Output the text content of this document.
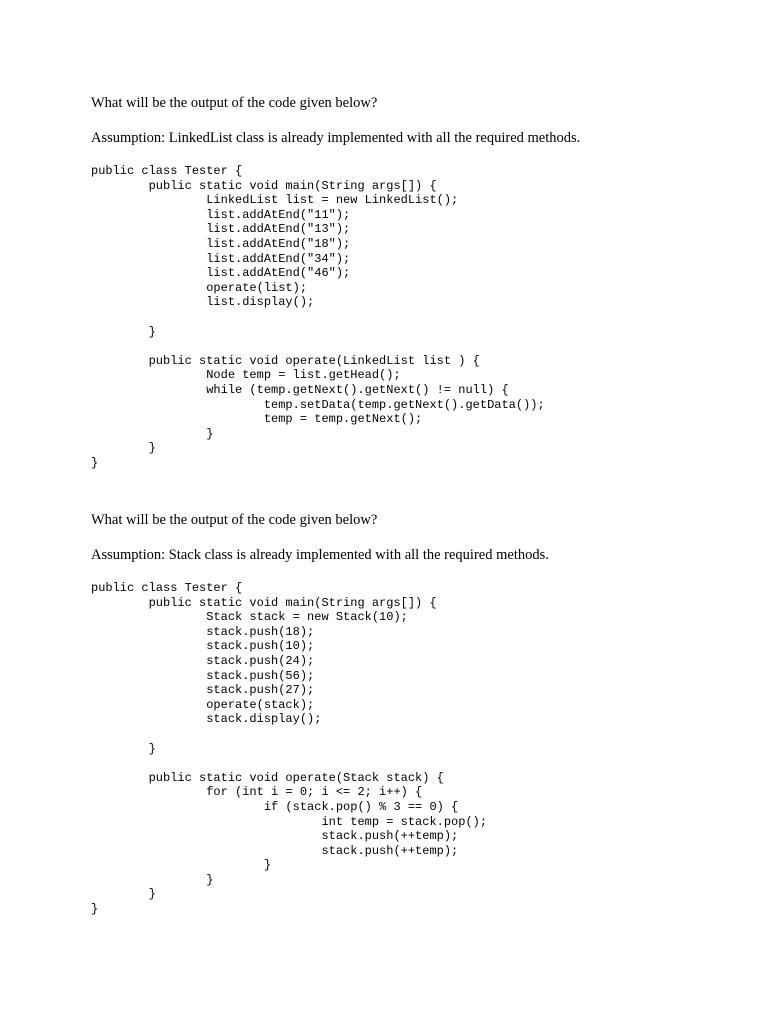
What will be the output of the code given below?

Assumption: LinkedList class is already implemented with all the required methods.

public class Tester {
public static void main(String args[]) {
LinkedList list = new LinkedList();
list.addAtEnd("11");
list.addAtEnd("13");
list.addAtEnd("18");
list.addAtEnd("34");
list.addAtEnd("46");
operate(list);
list.display();
}
public static void operate(LinkedList list ) {
Node temp = list.getHead();
while (temp.getNext().getNext() != null) {
temp.setData(temp.getNext().getData());
temp = temp.getNext();
}
}
}

What will be the output of the code given below?

Assumption: Stack class is already implemented with all the required methods.

public class Tester {
public static void main(String args[]) {
Stack stack = new Stack(10);
stack.push(18);
stack.push(10);
stack.push(24);
stack.push(56);
stack.push(27);
operate(stack);
stack.display();
}
public static void operate(Stack stack) {
for (int i = 0; i <= 2; i++) {
if (stack.pop() % 3 == 0) {
int temp = stack.pop();
stack.push(++temp);
stack.push(++temp);
}
}
}
}
